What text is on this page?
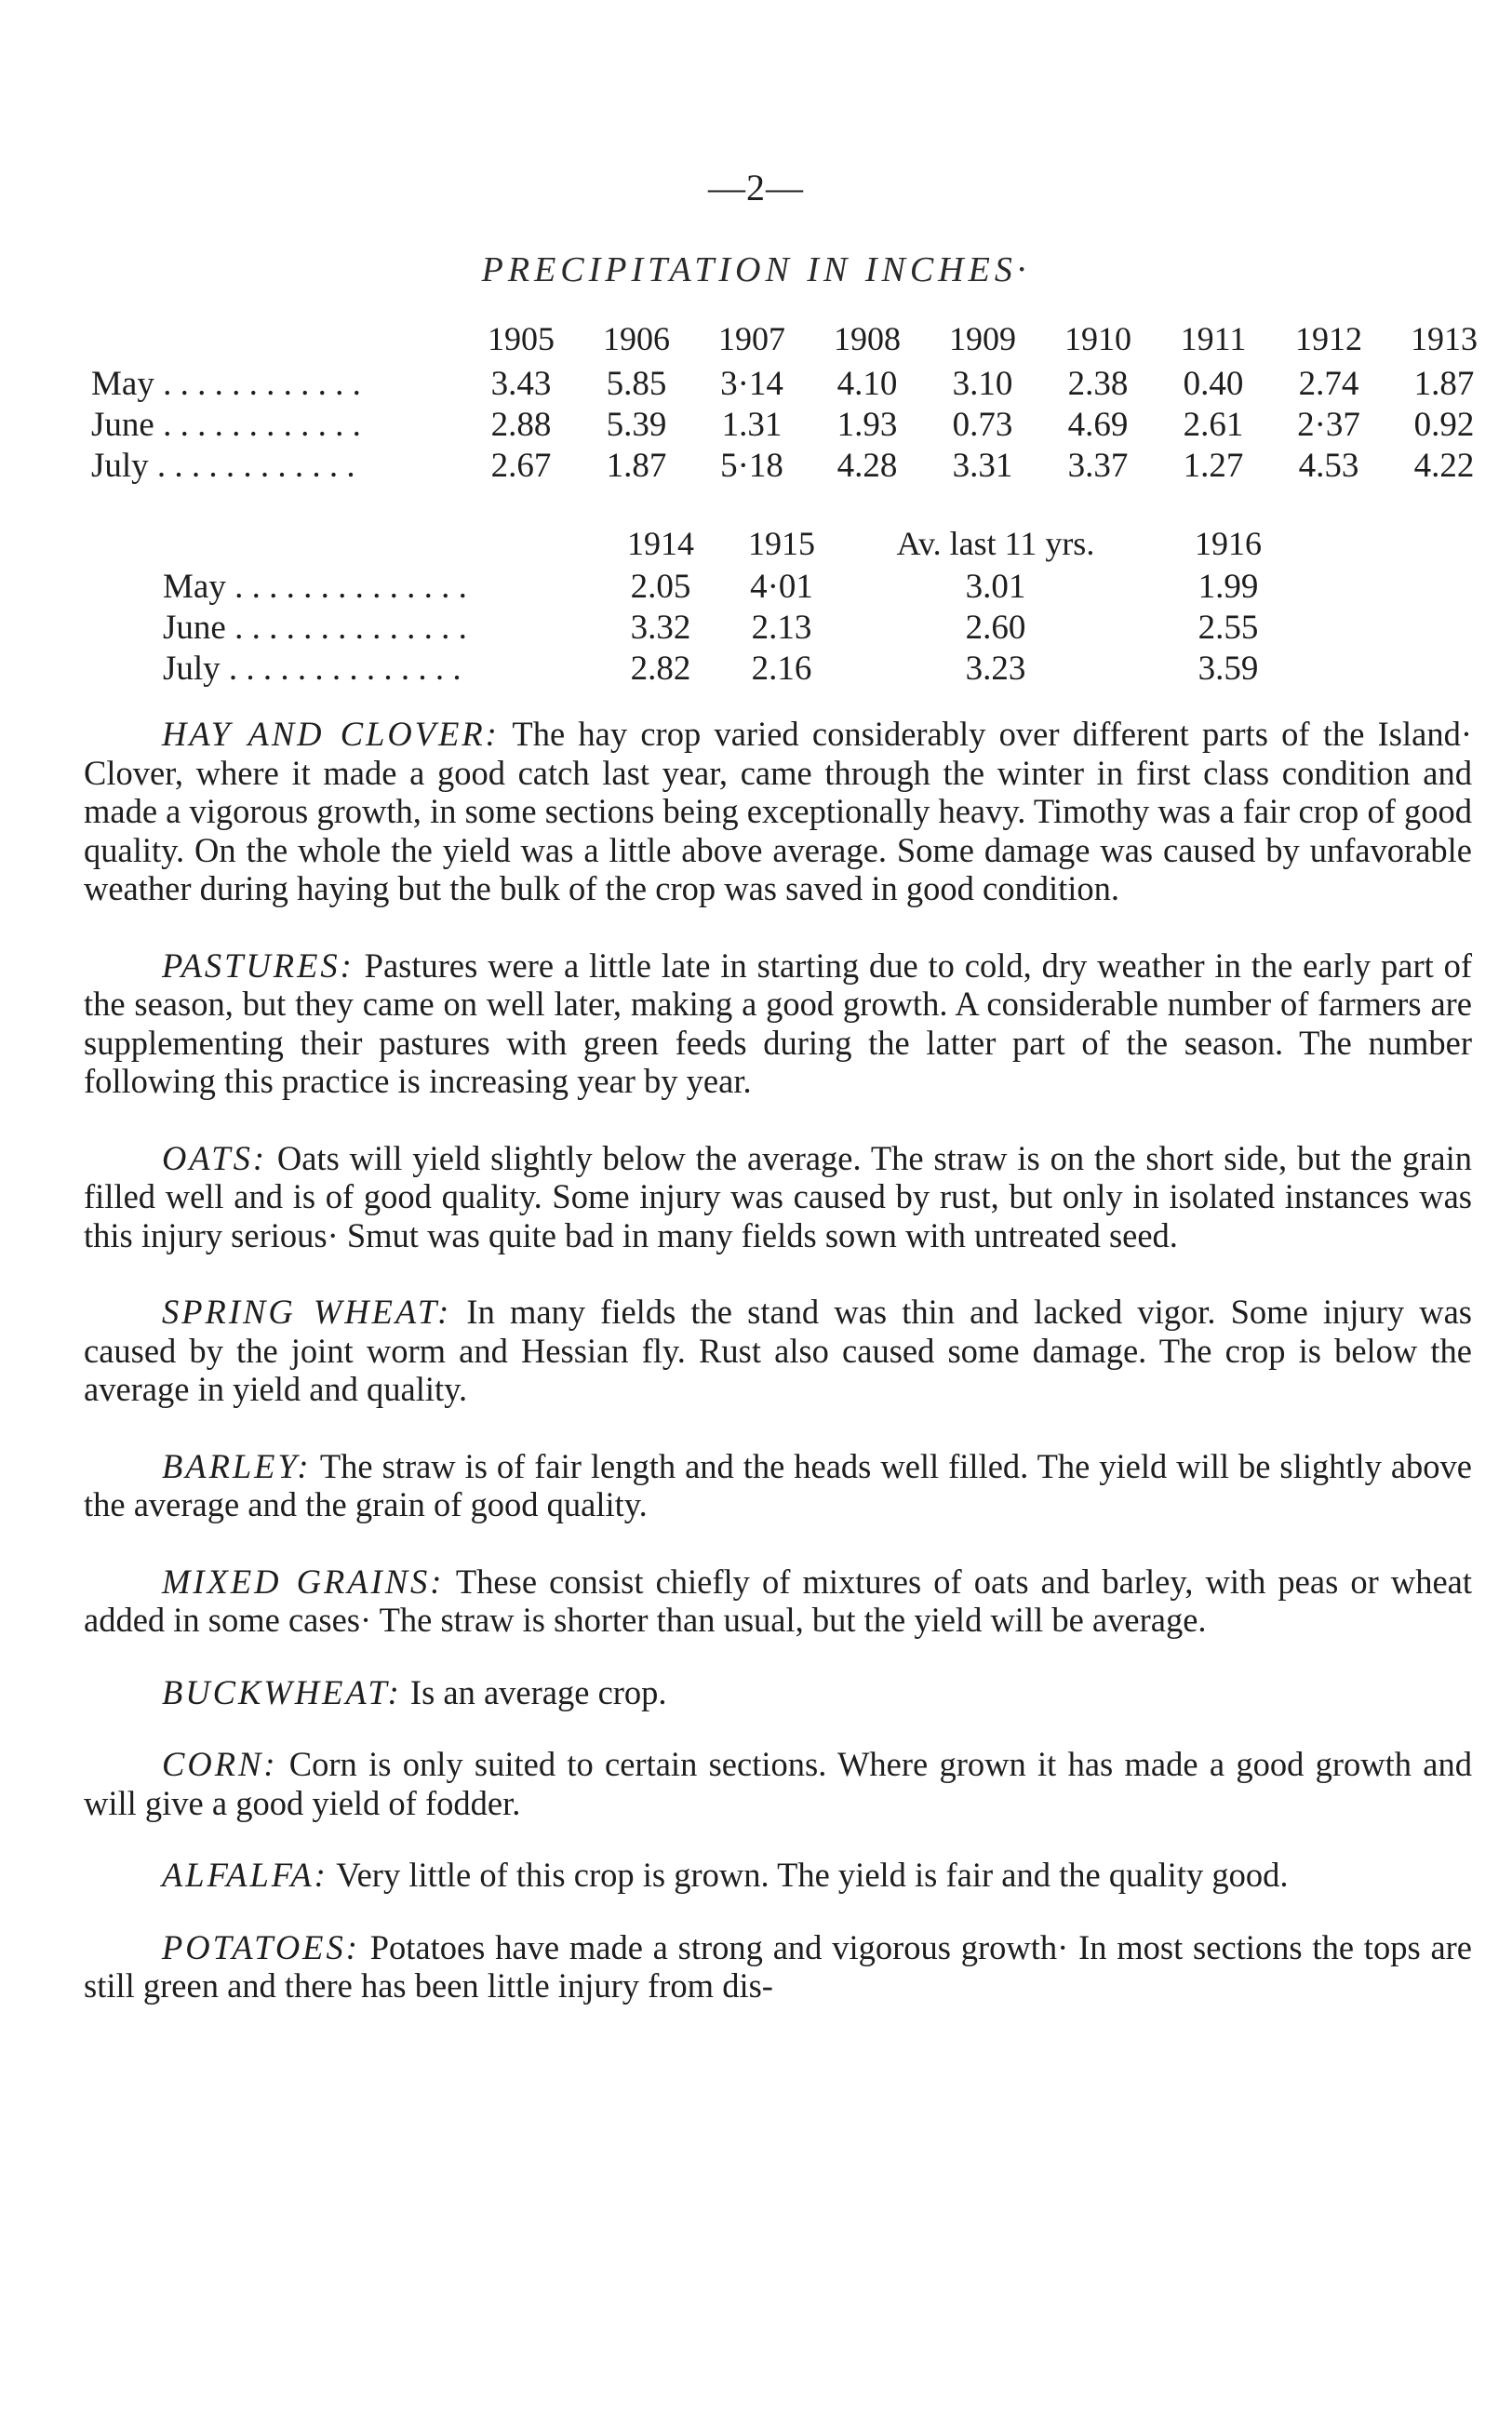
—2—
PRECIPITATION IN INCHES·
	1905	1906	1907	1908	1909	1910	1911	1912	1913
May . . . . . . . . . . . .	3.43	5.85	3·14	4.10	3.10	2.38	0.40	2.74	1.87
June . . . . . . . . . . . .	2.88	5.39	1.31	1.93	0.73	4.69	2.61	2·37	0.92
July . . . . . . . . . . . .	2.67	1.87	5·18	4.28	3.31	3.37	1.27	4.53	4.22
	1914	1915	Av. last 11 yrs.	1916
May . . . . . . . . . . . . . .	2.05	4·01	3.01	1.99
June . . . . . . . . . . . . . .	3.32	2.13	2.60	2.55
July . . . . . . . . . . . . . .	2.82	2.16	3.23	3.59

HAY AND CLOVER: The hay crop varied considerably over different parts of the Island· Clover, where it made a good catch last year, came through the winter in first class condition and made a vigorous growth, in some sections being exceptionally heavy. Timothy was a fair crop of good quality. On the whole the yield was a little above average. Some damage was caused by unfavorable weather during haying but the bulk of the crop was saved in good condition.

PASTURES: Pastures were a little late in starting due to cold, dry weather in the early part of the season, but they came on well later, making a good growth. A considerable number of farmers are supplementing their pastures with green feeds during the latter part of the season. The number following this practice is increasing year by year.

OATS: Oats will yield slightly below the average. The straw is on the short side, but the grain filled well and is of good quality. Some injury was caused by rust, but only in isolated instances was this injury serious· Smut was quite bad in many fields sown with untreated seed.

SPRING WHEAT: In many fields the stand was thin and lacked vigor. Some injury was caused by the joint worm and Hessian fly. Rust also caused some damage. The crop is below the average in yield and quality.

BARLEY: The straw is of fair length and the heads well filled. The yield will be slightly above the average and the grain of good quality.

MIXED GRAINS: These consist chiefly of mixtures of oats and barley, with peas or wheat added in some cases· The straw is shorter than usual, but the yield will be average.

BUCKWHEAT: Is an average crop.

CORN: Corn is only suited to certain sections. Where grown it has made a good growth and will give a good yield of fodder.

ALFALFA: Very little of this crop is grown. The yield is fair and the quality good.

POTATOES: Potatoes have made a strong and vigorous growth· In most sections the tops are still green and there has been little injury from dis-
